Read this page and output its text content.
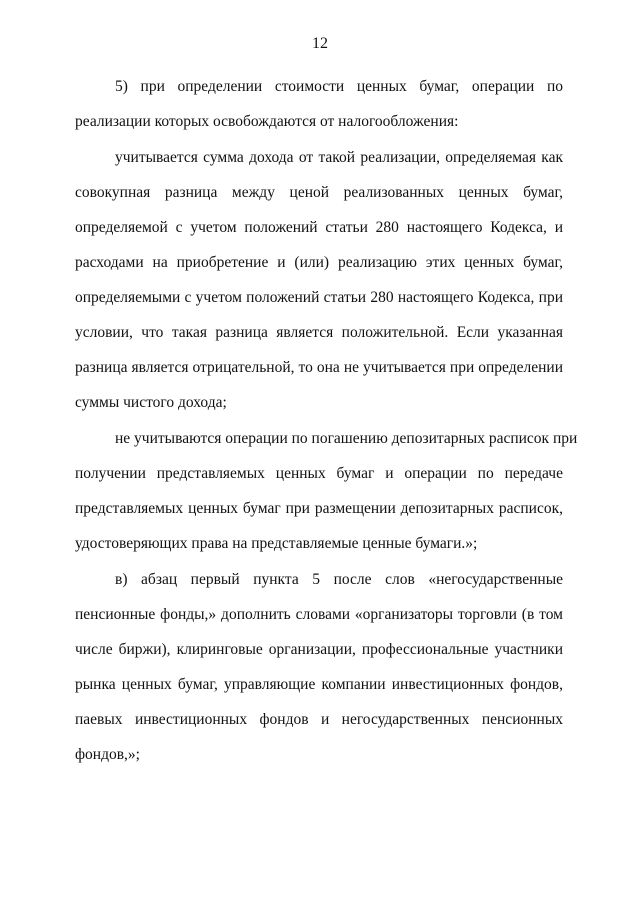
12
5) при определении стоимости ценных бумаг, операции по
реализации которых освобождаются от налогообложения:
учитывается сумма дохода от такой реализации, определяемая как
совокупная разница между ценой реализованных ценных бумаг,
определяемой с учетом положений статьи 280 настоящего Кодекса, и
расходами на приобретение и (или) реализацию этих ценных бумаг,
определяемыми с учетом положений статьи 280 настоящего Кодекса, при
условии, что такая разница является положительной. Если указанная
разница является отрицательной, то она не учитывается при определении
суммы чистого дохода;
не учитываются операции по погашению депозитарных расписок при
получении представляемых ценных бумаг и операции по передаче
представляемых ценных бумаг при размещении депозитарных расписок,
удостоверяющих права на представляемые ценные бумаги.»;
в) абзац первый пункта 5 после слов «негосударственные
пенсионные фонды,» дополнить словами «организаторы торговли (в том
числе биржи), клиринговые организации, профессиональные участники
рынка ценных бумаг, управляющие компании инвестиционных фондов,
паевых инвестиционных фондов и негосударственных пенсионных
фондов,»;
